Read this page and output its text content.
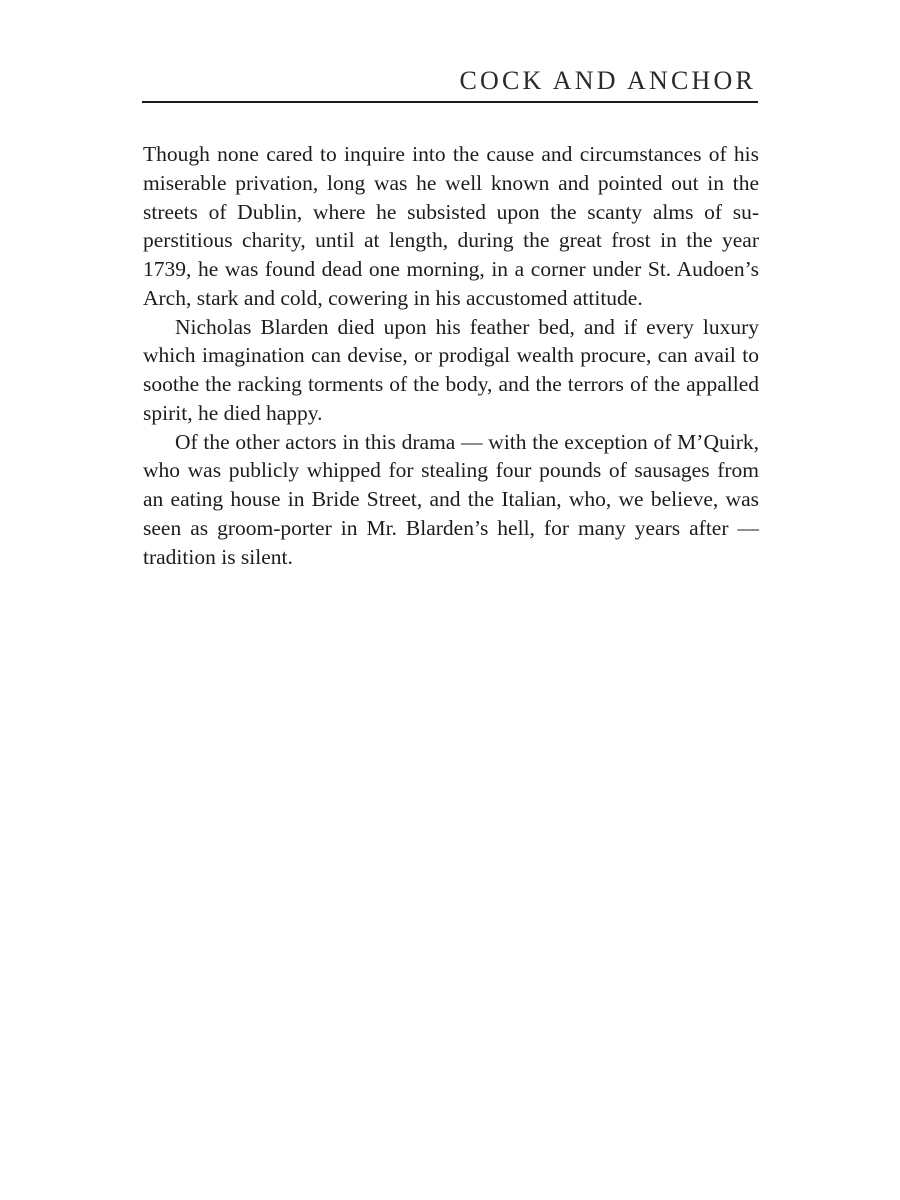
COCK AND ANCHOR

Though none cared to inquire into the cause and circumstances of his miserable privation, long was he well known and pointed out in the streets of Dublin, where he subsisted upon the scanty alms of superstitious charity, until at length, during the great frost in the year 1739, he was found dead one morning, in a corner under St. Audoen’s Arch, stark and cold, cowering in his accustomed attitude.

Nicholas Blarden died upon his feather bed, and if every luxury which imagination can devise, or prodigal wealth procure, can avail to soothe the racking torments of the body, and the terrors of the appalled spirit, he died happy.

Of the other actors in this drama — with the exception of M’Quirk, who was publicly whipped for stealing four pounds of sausages from an eating house in Bride Street, and the Italian, who, we believe, was seen as groom-porter in Mr. Blarden’s hell, for many years after — tradition is silent.
